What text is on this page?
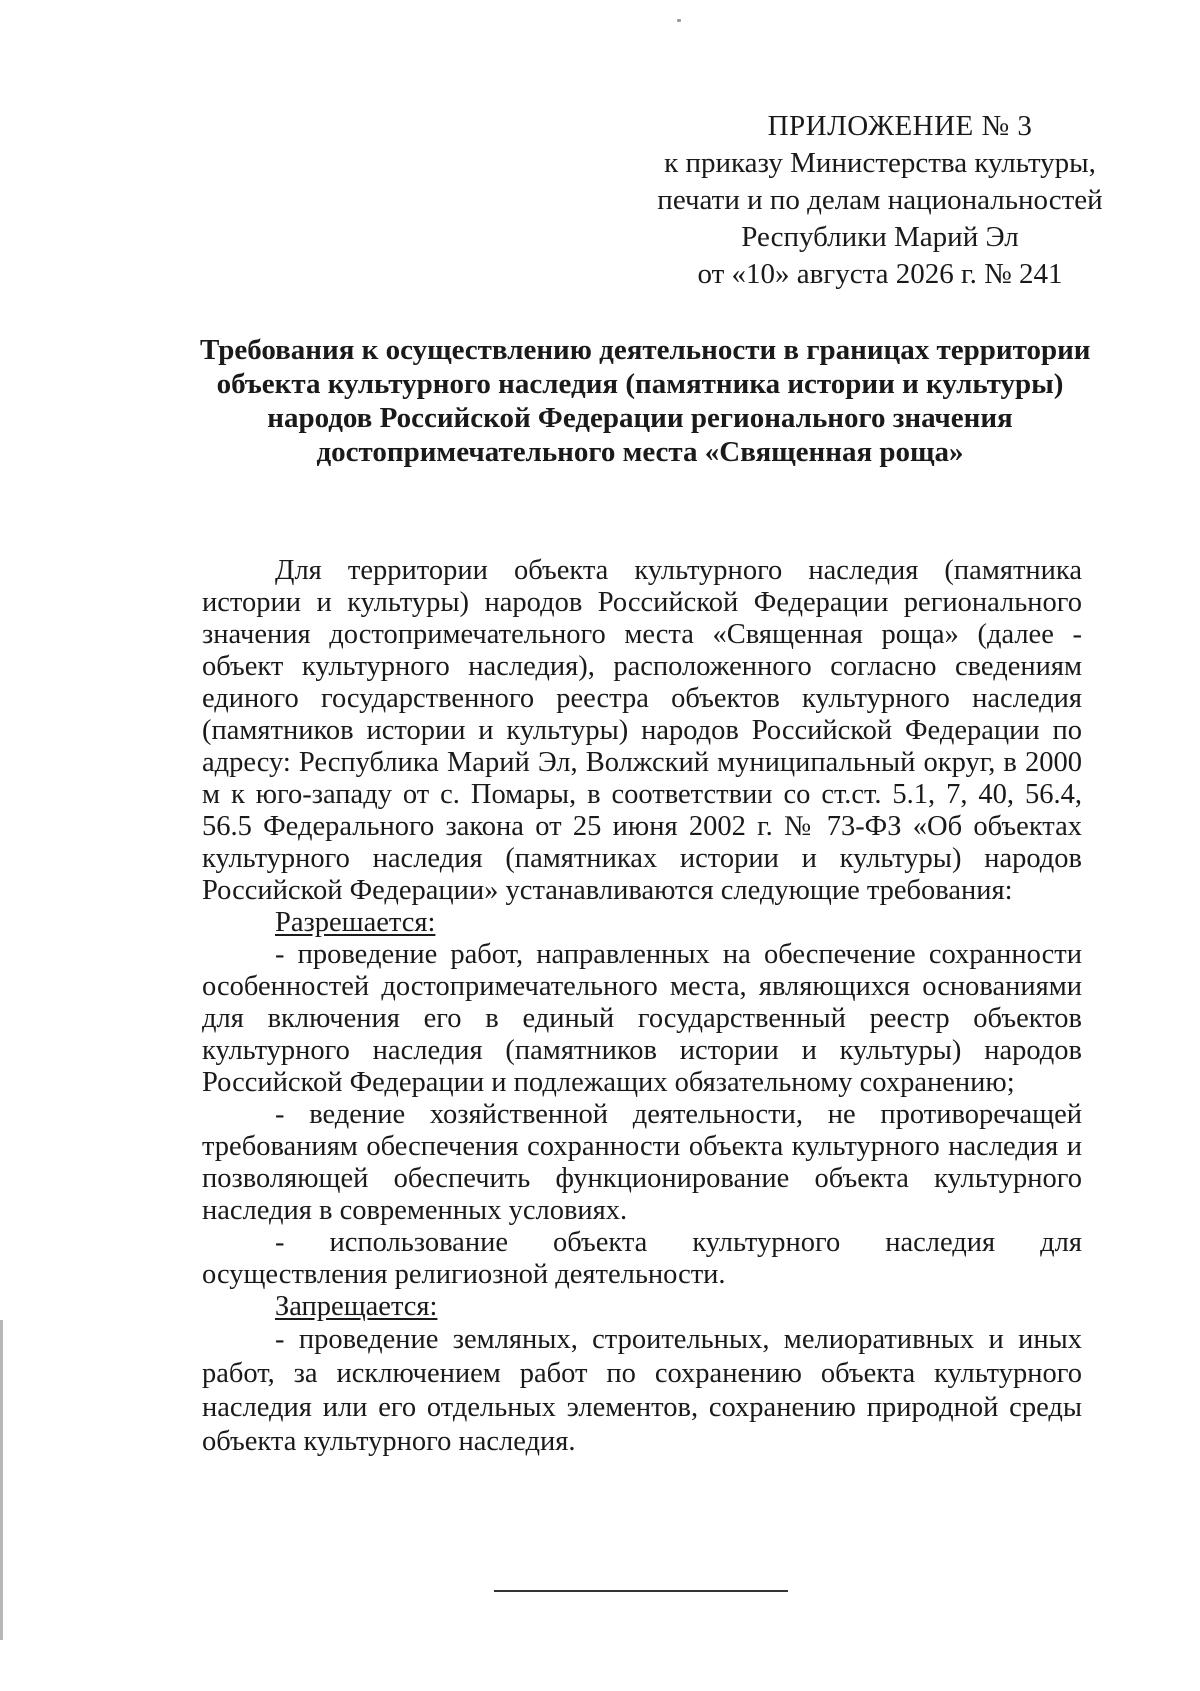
ПРИЛОЖЕНИЕ № 3
к приказу Министерства культуры,
печати и по делам национальностей
Республики Марий Эл
от «10» августа 2026 г. № 241
Требования к осуществлению деятельности в границах территории
объекта культурного наследия (памятника истории и культуры)
народов Российской Федерации регионального значения
достопримечательного места «Священная роща»

Для территории объекта культурного наследия (памятника истории и культуры) народов Российской Федерации регионального значения достопримечательного места «Священная роща» (далее - объект культурного наследия), расположенного согласно сведениям единого государственного реестра объектов культурного наследия (памятников истории и культуры) народов Российской Федерации по адресу: Республика Марий Эл, Волжский муниципальный округ, в 2000 м к юго-западу от с. Помары, в соответствии со ст.ст. 5.1, 7, 40, 56.4, 56.5 Федерального закона от 25 июня 2002 г. № 73-ФЗ «Об объектах культурного наследия (памятниках истории и культуры) народов Российской Федерации» устанавливаются следующие требования:

Разрешается:

- проведение работ, направленных на обеспечение сохранности особенностей достопримечательного места, являющихся основаниями для включения его в единый государственный реестр объектов культурного наследия (памятников истории и культуры) народов Российской Федерации и подлежащих обязательному сохранению;

- ведение хозяйственной деятельности, не противоречащей требованиям обеспечения сохранности объекта культурного наследия и позволяющей обеспечить функционирование объекта культурного наследия в современных условиях.

- использование объекта культурного наследия для осуществления религиозной деятельности.

Запрещается:

- проведение земляных, строительных, мелиоративных и иных работ, за исключением работ по сохранению объекта культурного наследия или его отдельных элементов, сохранению природной среды объекта культурного наследия.
